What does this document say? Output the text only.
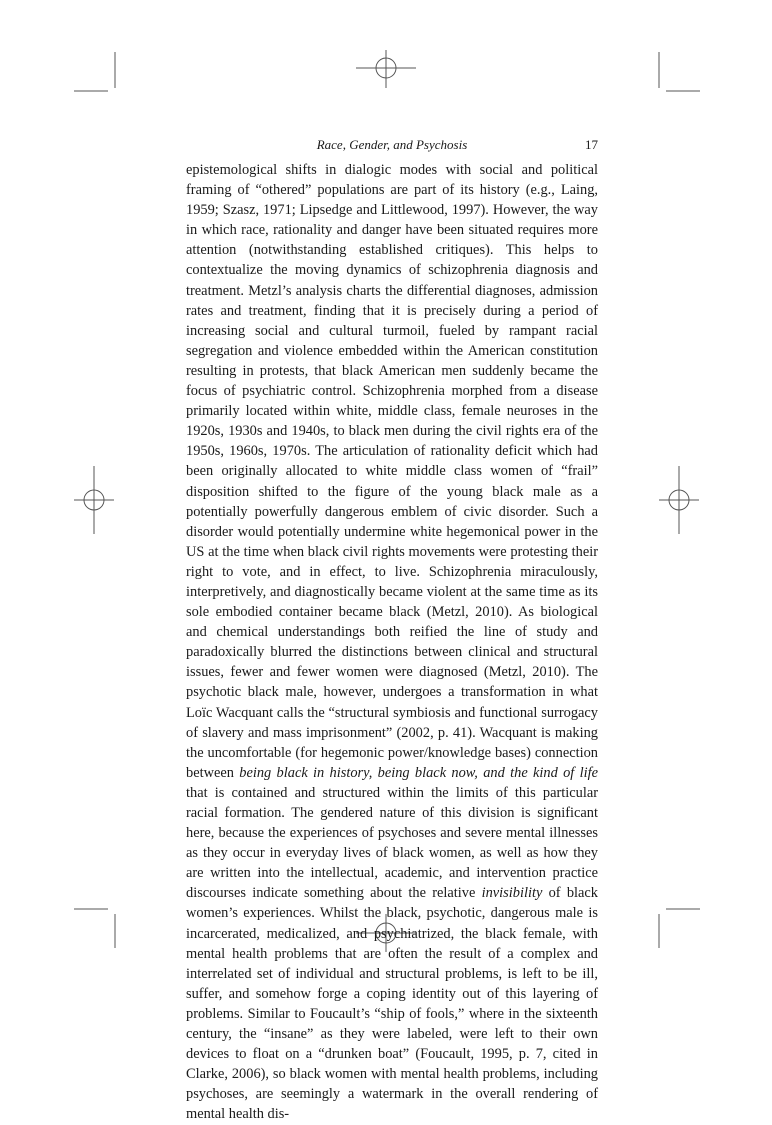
Race, Gender, and Psychosis	17

epistemological shifts in dialogic modes with social and political framing of “othered” populations are part of its history (e.g., Laing, 1959; Szasz, 1971; Lipsedge and Littlewood, 1997). However, the way in which race, rationality and danger have been situated requires more attention (notwithstanding established critiques). This helps to contextualize the moving dynamics of schizophrenia diagnosis and treatment. Metzl’s analysis charts the differential diagnoses, admission rates and treatment, finding that it is precisely during a period of increasing social and cultural turmoil, fueled by rampant racial segregation and violence embedded within the American constitution resulting in protests, that black American men suddenly became the focus of psychiatric control. Schizophrenia morphed from a disease primarily located within white, middle class, female neuroses in the 1920s, 1930s and 1940s, to black men during the civil rights era of the 1950s, 1960s, 1970s. The articulation of rationality deficit which had been originally allocated to white middle class women of “frail” disposition shifted to the figure of the young black male as a potentially powerfully dangerous emblem of civic disorder. Such a disorder would potentially undermine white hegemonical power in the US at the time when black civil rights movements were protesting their right to vote, and in effect, to live. Schizophrenia miraculously, interpretively, and diagnostically became violent at the same time as its sole embodied container became black (Metzl, 2010). As biological and chemical understandings both reified the line of study and paradoxically blurred the distinctions between clinical and structural issues, fewer and fewer women were diagnosed (Metzl, 2010). The psychotic black male, however, undergoes a transformation in what Loïc Wacquant calls the “structural symbiosis and functional surrogacy of slavery and mass imprisonment” (2002, p. 41). Wacquant is making the uncomfortable (for hegemonic power/knowledge bases) connection between being black in history, being black now, and the kind of life that is contained and structured within the limits of this particular racial formation. The gendered nature of this division is significant here, because the experiences of psychoses and severe mental illnesses as they occur in everyday lives of black women, as well as how they are written into the intellectual, academic, and intervention practice discourses indicate something about the relative invisibility of black women’s experiences. Whilst the black, psychotic, dangerous male is incarcerated, medicalized, and psychiatrized, the black female, with mental health problems that are often the result of a complex and interrelated set of individual and structural problems, is left to be ill, suffer, and somehow forge a coping identity out of this layering of problems. Similar to Foucault’s “ship of fools,” where in the sixteenth century, the “insane” as they were labeled, were left to their own devices to float on a “drunken boat” (Foucault, 1995, p. 7, cited in Clarke, 2006), so black women with mental health problems, including psychoses, are seemingly a watermark in the overall rendering of mental health dis-
